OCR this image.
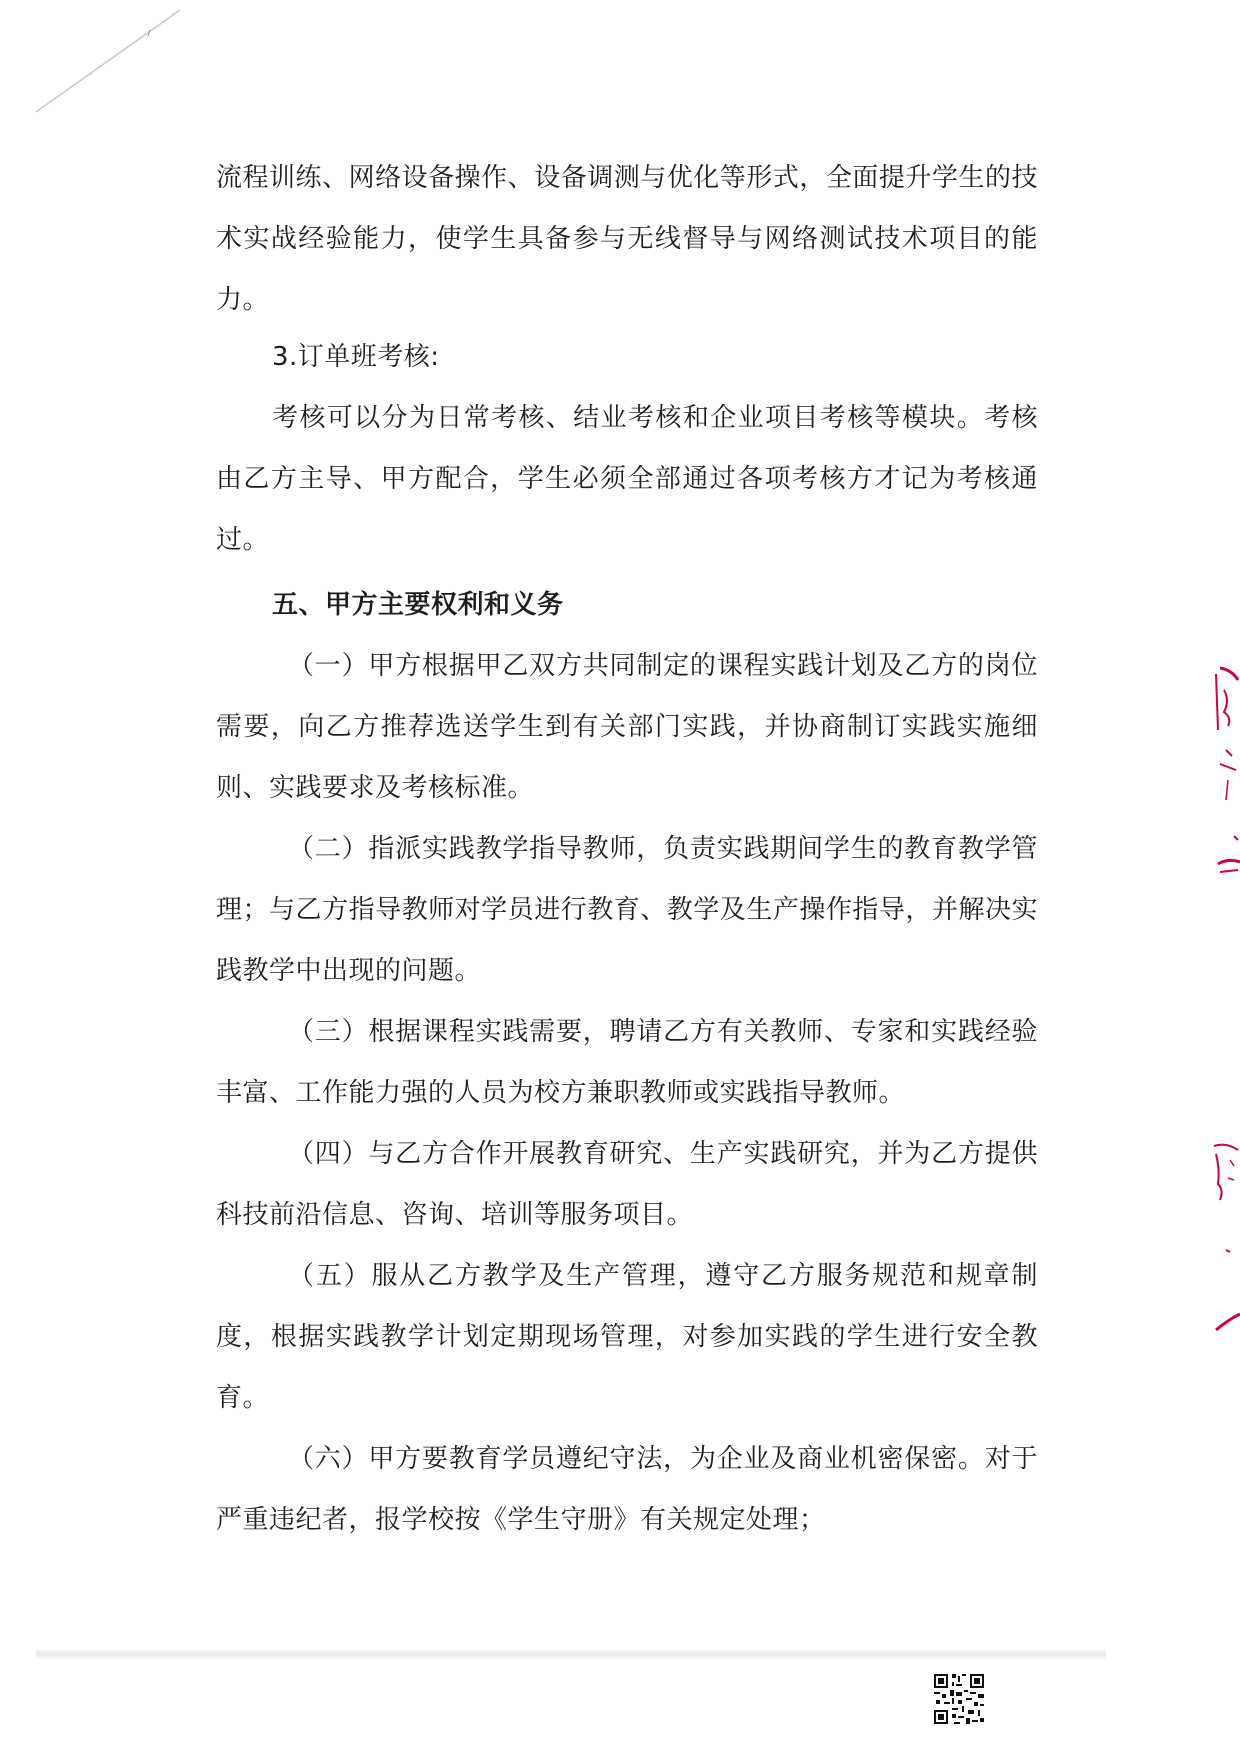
流程训练、网络设备操作、设备调测与优化等形式，全面提升学生的技术实战经验能力，使学生具备参与无线督导与网络测试技术项目的能力。

3.订单班考核:

考核可以分为日常考核、结业考核和企业项目考核等模块。考核由乙方主导、甲方配合，学生必须全部通过各项考核方才记为考核通过。

五、甲方主要权利和义务

（一）甲方根据甲乙双方共同制定的课程实践计划及乙方的岗位需要，向乙方推荐选送学生到有关部门实践，并协商制订实践实施细则、实践要求及考核标准。

（二）指派实践教学指导教师，负责实践期间学生的教育教学管理；与乙方指导教师对学员进行教育、教学及生产操作指导，并解决实践教学中出现的问题。

（三）根据课程实践需要，聘请乙方有关教师、专家和实践经验丰富、工作能力强的人员为校方兼职教师或实践指导教师。

（四）与乙方合作开展教育研究、生产实践研究，并为乙方提供科技前沿信息、咨询、培训等服务项目。

（五）服从乙方教学及生产管理，遵守乙方服务规范和规章制度，根据实践教学计划定期现场管理，对参加实践的学生进行安全教育。

（六）甲方要教育学员遵纪守法，为企业及商业机密保密。对于严重违纪者，报学校按《学生守册》有关规定处理；
